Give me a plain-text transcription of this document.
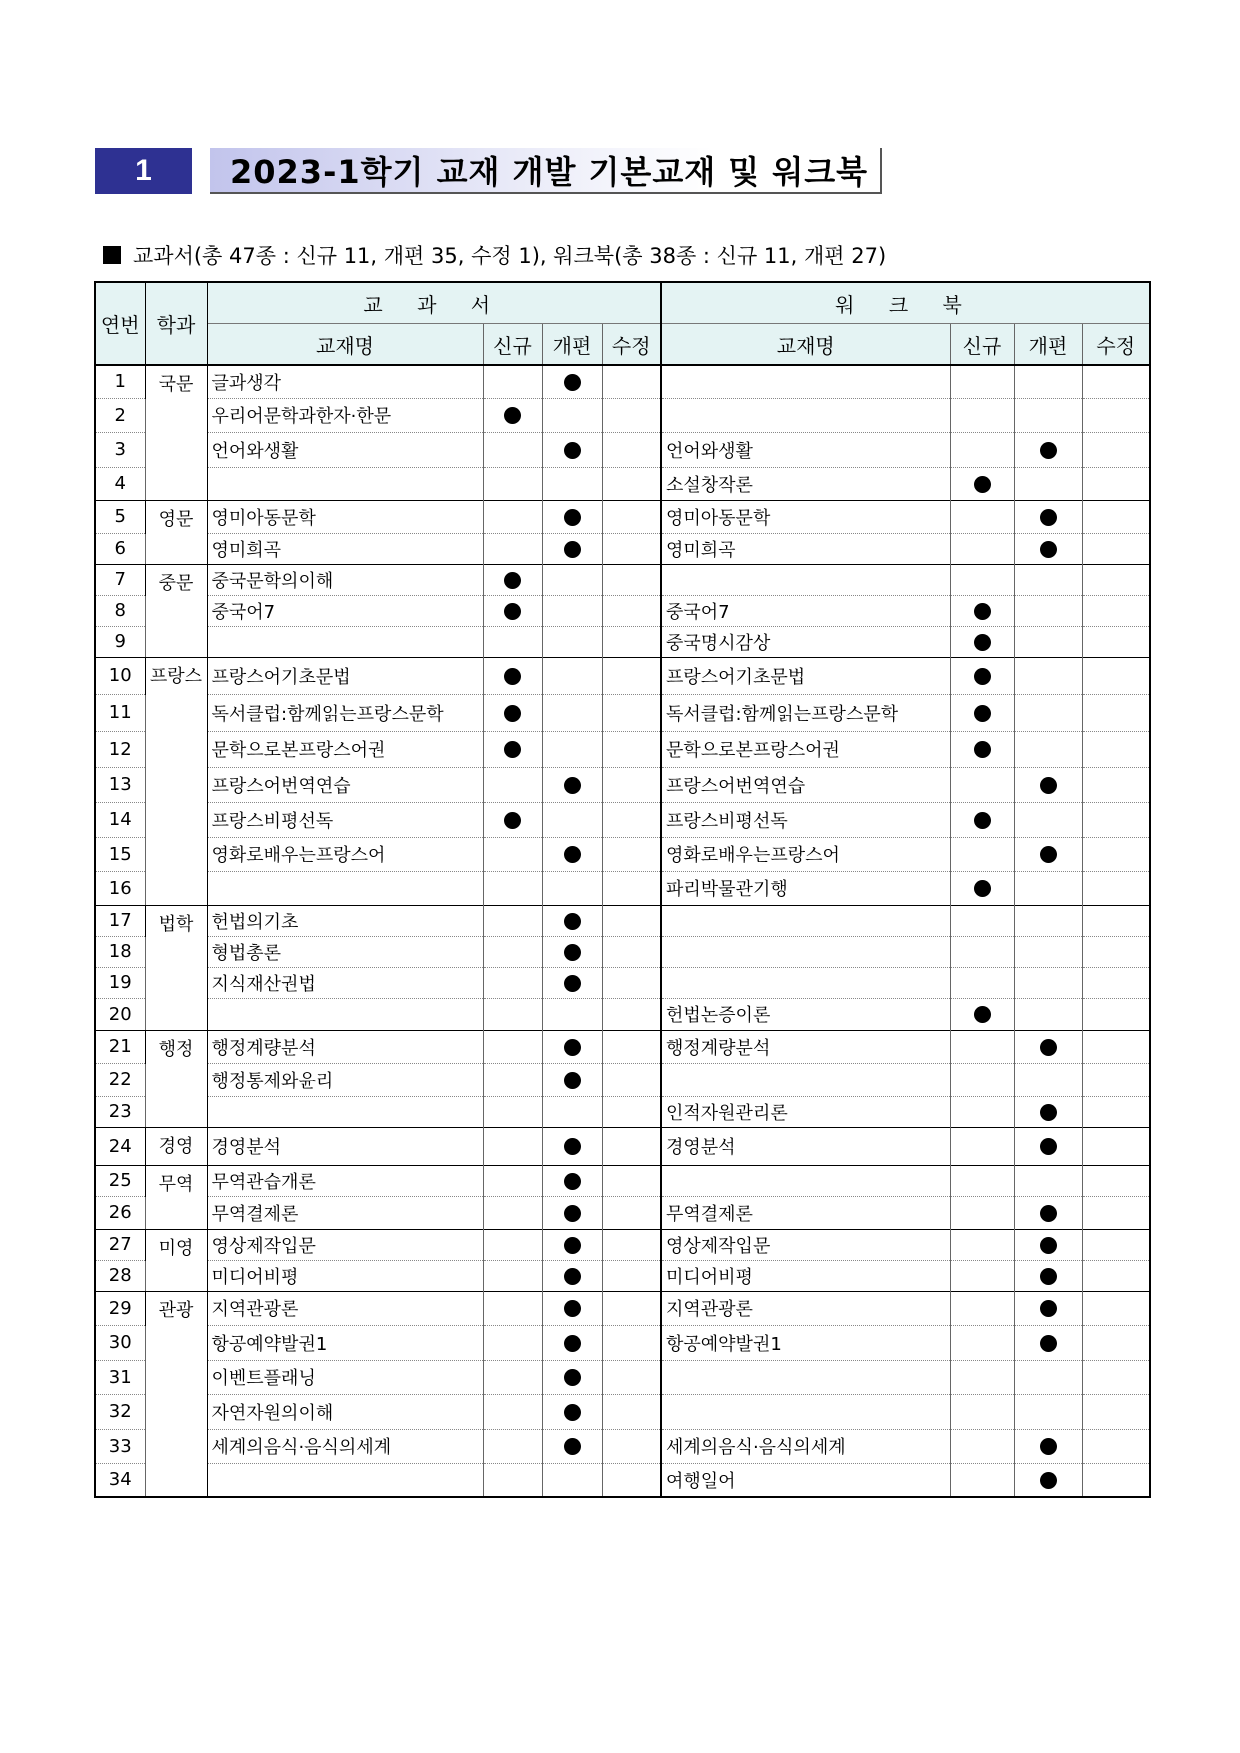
1	2023-1학기 교재 개발 기본교재 및 워크북
교과서(총 47종 : 신규 11, 개편 35, 수정 1), 워크북(총 38종 : 신규 11, 개편 27)
연번	학과	교 과 서				워 크 북			
		교재명	신규	개편	수정	교재명	신규	개편	수정
1	국문	글과생각							
2		우리어문학과한자·한문							
3		언어와생활				언어와생활			
4						소설창작론			
5	영문	영미아동문학				영미아동문학			
6		영미희곡				영미희곡			
7	중문	중국문학의이해							
8		중국어7				중국어7			
9						중국명시감상			
10	프랑스	프랑스어기초문법				프랑스어기초문법			
11		독서클럽:함께읽는프랑스문학				독서클럽:함께읽는프랑스문학			
12		문학으로본프랑스어권				문학으로본프랑스어권			
13		프랑스어번역연습				프랑스어번역연습			
14		프랑스비평선독				프랑스비평선독			
15		영화로배우는프랑스어				영화로배우는프랑스어			
16						파리박물관기행			
17	법학	헌법의기초							
18		형법총론							
19		지식재산권법							
20						헌법논증이론			
21	행정	행정계량분석				행정계량분석			
22		행정통제와윤리							
23						인적자원관리론			
24	경영	경영분석				경영분석			
25	무역	무역관습개론							
26		무역결제론				무역결제론			
27	미영	영상제작입문				영상제작입문			
28		미디어비평				미디어비평			
29	관광	지역관광론				지역관광론			
30		항공예약발권1				항공예약발권1			
31		이벤트플래닝							
32		자연자원의이해							
33		세계의음식·음식의세계				세계의음식·음식의세계			
34						여행일어			
